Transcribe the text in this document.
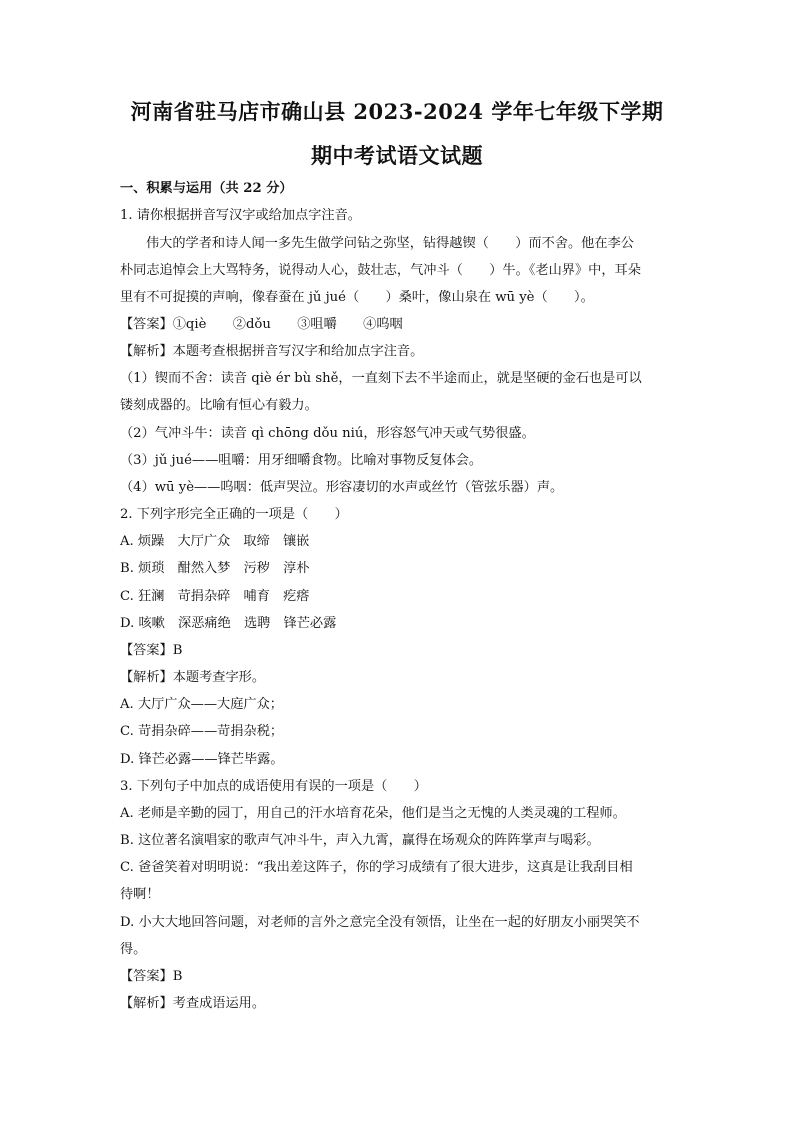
河南省驻马店市确山县 2023-2024 学年七年级下学期
期中考试语文试题
一、积累与运用（共 22 分）
1. 请你根据拼音写汉字或给加点字注音。
伟大的学者和诗人闻一多先生做学问钻之弥坚，钻得越锲（　　）而不舍。他在李公
朴同志追悼会上大骂特务，说得动人心，鼓壮志，气冲斗（　　）牛。《老山界》中，耳朵
里有不可捉摸的声响，像春蚕在 jǔ jué（　　）桑叶，像山泉在 wū yè（　　）。
【答案】①qiè　　②dǒu　　③咀嚼　　④呜咽
【解析】本题考查根据拼音写汉字和给加点字注音。
（1）锲而不舍：读音 qiè ér bù shě，一直刻下去不半途而止，就是坚硬的金石也是可以
镂刻成器的。比喻有恒心有毅力。
（2）气冲斗牛：读音 qì chōng dǒu niú，形容怒气冲天或气势很盛。
（3）jǔ jué——咀嚼：用牙细嚼食物。比喻对事物反复体会。
（4）wū yè——呜咽：低声哭泣。形容凄切的水声或丝竹（管弦乐器）声。
2. 下列字形完全正确的一项是（　　）
A. 烦躁　大厅广众　取缔　镶嵌
B. 烦琐　酣然入梦　污秽　淳朴
C. 狂澜　苛捐杂碎　哺育　疙瘩
D. 咳嗽　深恶痛绝　选聘　锋芒必露
【答案】B
【解析】本题考查字形。
A. 大厅广众——大庭广众；
C. 苛捐杂碎——苛捐杂税；
D. 锋芒必露——锋芒毕露。
3. 下列句子中加点的成语使用有误的一项是（　　）
A. 老师是辛勤的园丁，用自己的汗水培育花朵，他们是当之无愧的人类灵魂的工程师。
B. 这位著名演唱家的歌声气冲斗牛，声入九霄，赢得在场观众的阵阵掌声与喝彩。
C. 爸爸笑着对明明说：“我出差这阵子，你的学习成绩有了很大进步，这真是让我刮目相
待啊！
D. 小大大地回答问题，对老师的言外之意完全没有领悟，让坐在一起的好朋友小丽哭笑不
得。
【答案】B
【解析】考查成语运用。
